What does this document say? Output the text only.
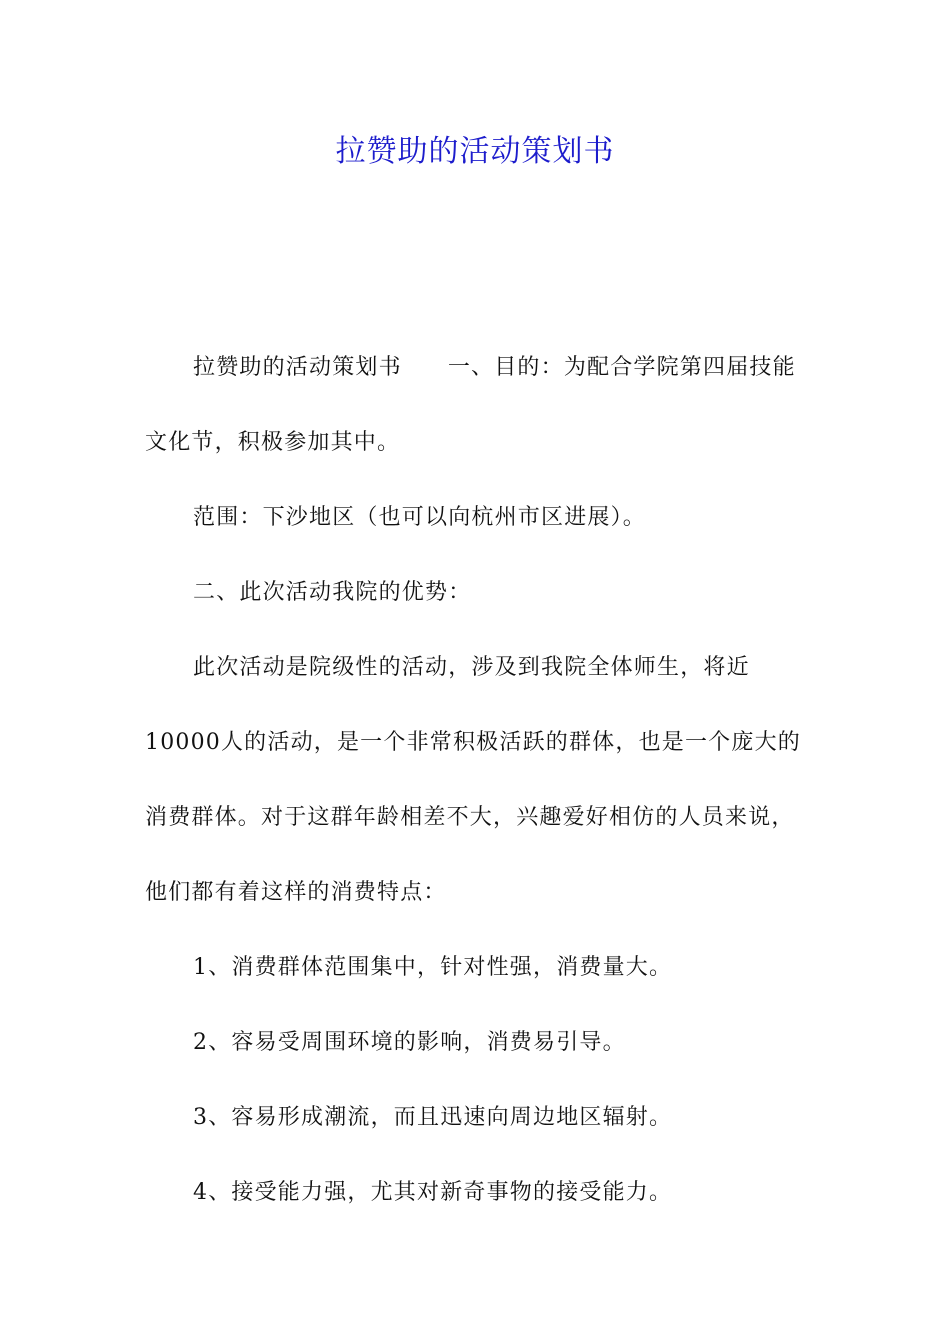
拉赞助的活动策划书

拉赞助的活动策划书 一、目的：为配合学院第四届技能文化节，积极参加其中。

范围：下沙地区（也可以向杭州市区进展）。

二、此次活动我院的优势：

此次活动是院级性的活动，涉及到我院全体师生，将近10000人的活动，是一个非常积极活跃的群体，也是一个庞大的消费群体。对于这群年龄相差不大，兴趣爱好相仿的人员来说，他们都有着这样的消费特点：

1、消费群体范围集中，针对性强，消费量大。

2、容易受周围环境的影响，消费易引导。

3、容易形成潮流，而且迅速向周边地区辐射。

4、接受能力强，尤其对新奇事物的接受能力。
